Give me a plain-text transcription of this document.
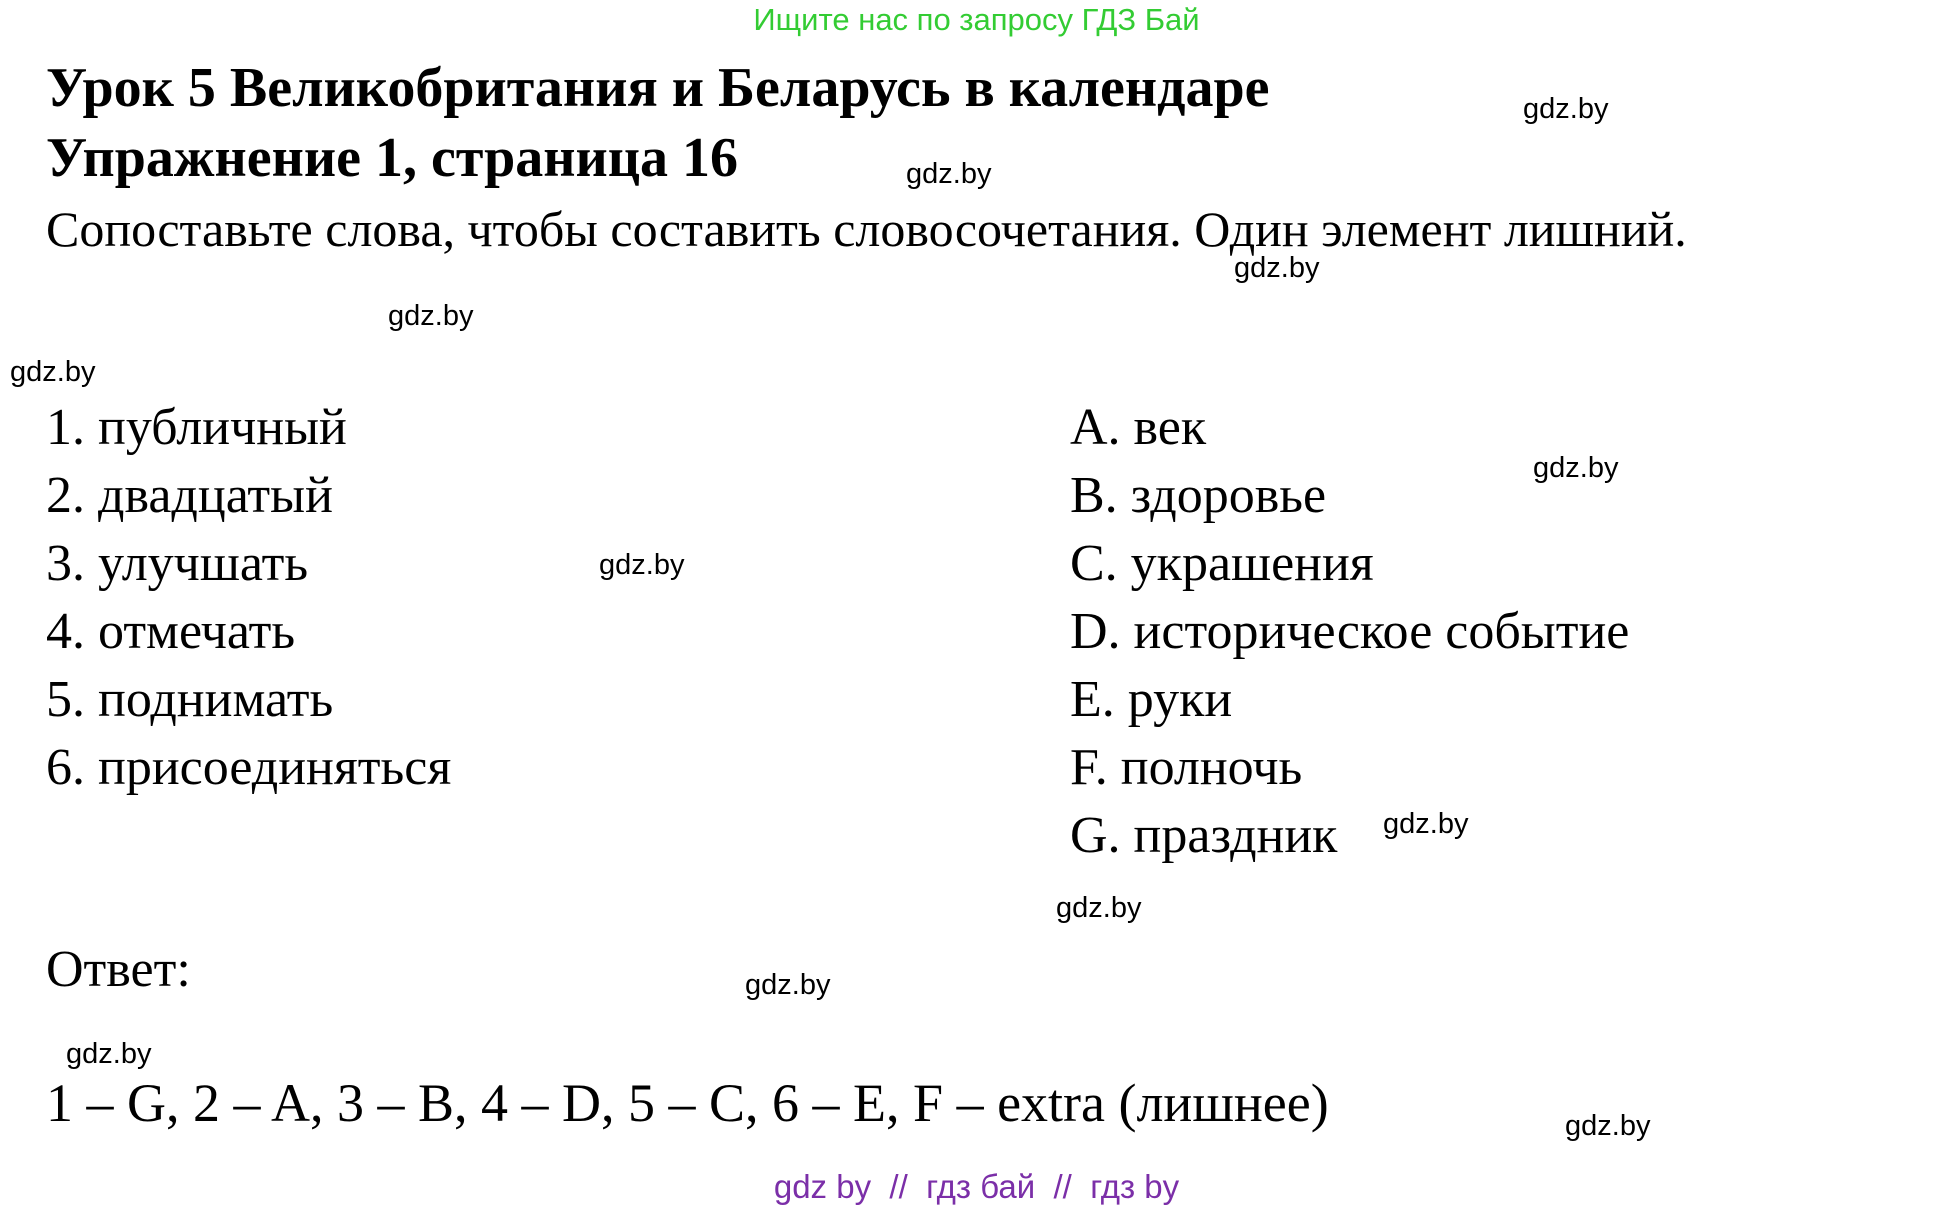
Ищите нас по запросу ГДЗ Бай
Урок 5 Великобритания и Беларусь в календаре
Упражнение 1, страница 16
Сопоставьте слова, чтобы составить словосочетания. Один элемент лишний.
1. публичный
2. двадцатый
3. улучшать
4. отмечать
5. поднимать
6. присоединяться
A. век
B. здоровье
C. украшения
D. историческое событие
E. руки
F. полночь
G. праздник
Ответ:
1 – G, 2 – A, 3 – B, 4 – D, 5 – C, 6 – E, F – extra (лишнее)
gdz.by
gdz.by
gdz.by
gdz.by
gdz.by
gdz.by
gdz.by
gdz.by
gdz.by
gdz.by
gdz.by
gdz.by
gdz by // гдз бай // гдз by
